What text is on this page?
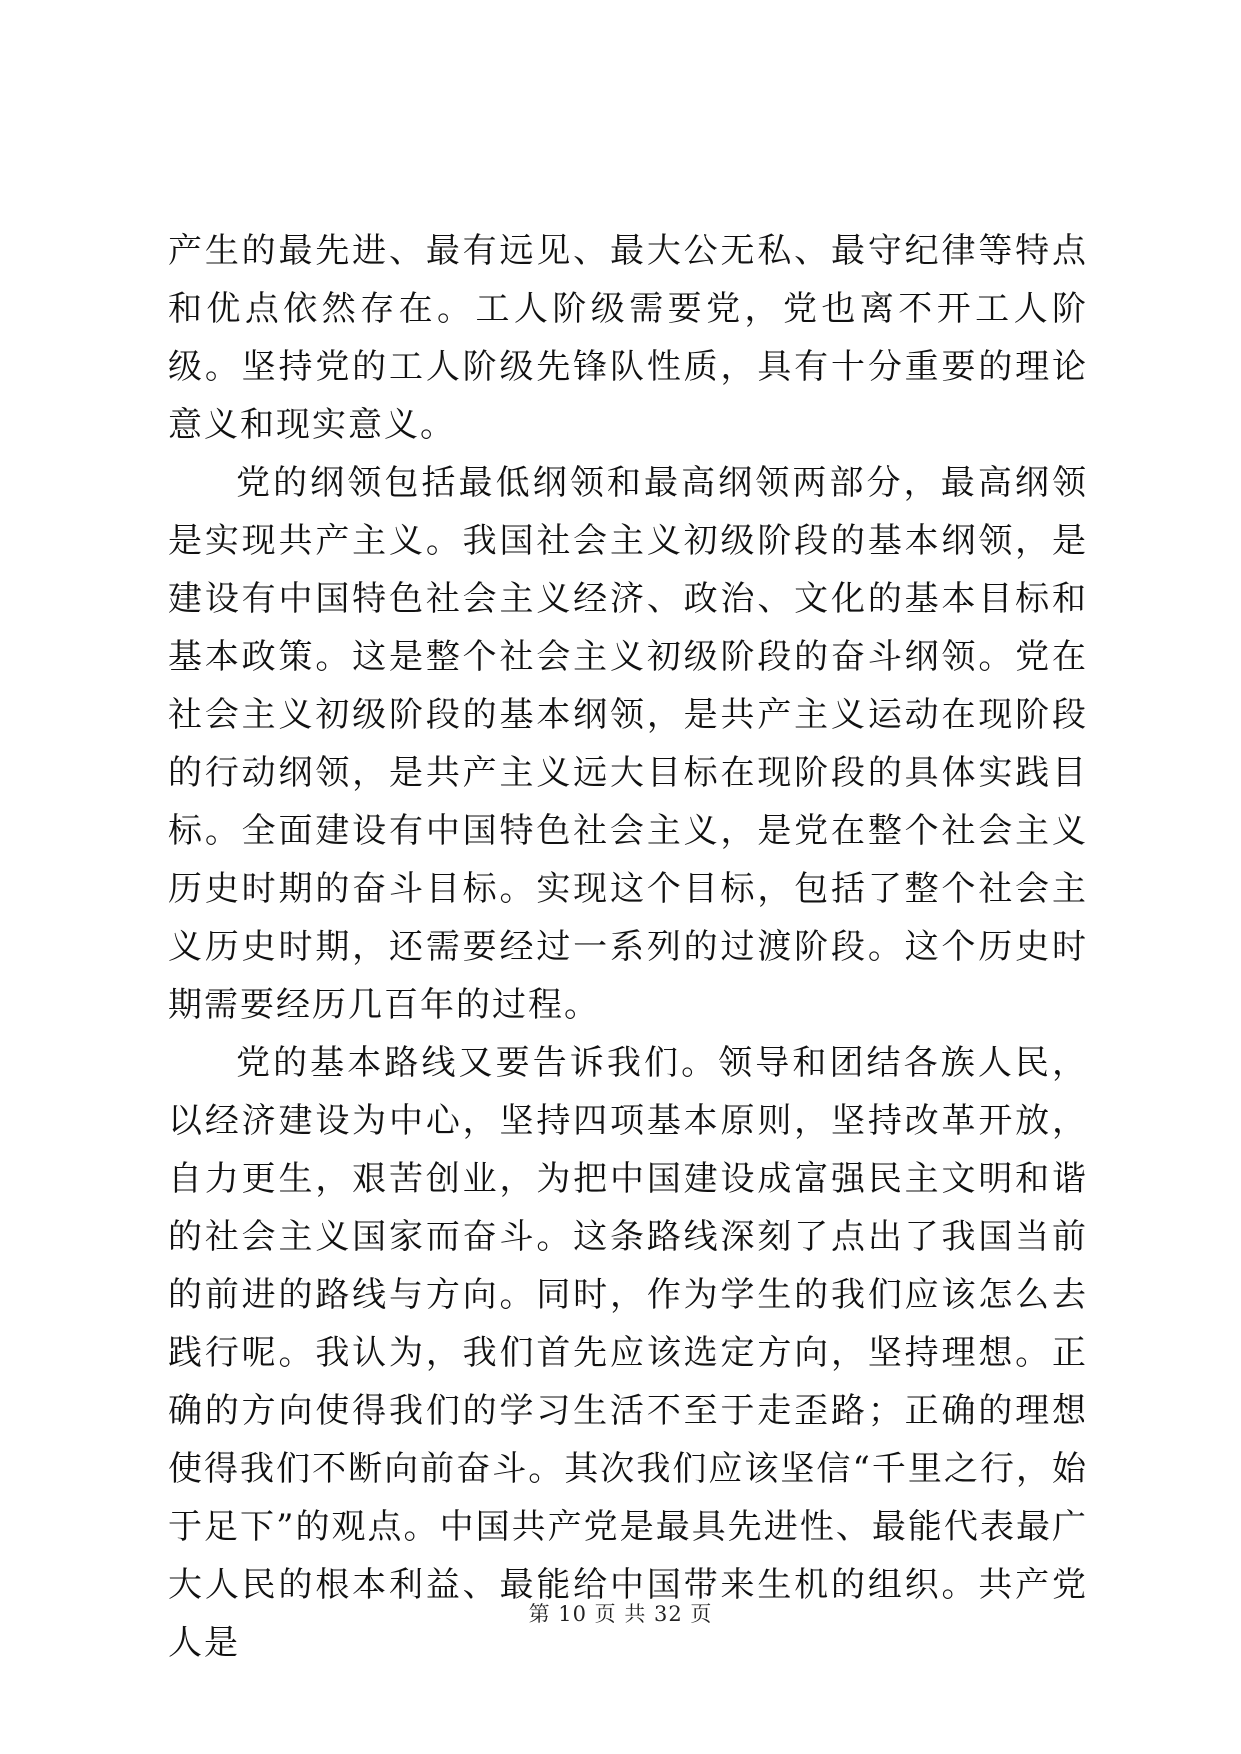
产生的最先进、最有远见、最大公无私、最守纪律等特点和优点依然存在。工人阶级需要党，党也离不开工人阶级。坚持党的工人阶级先锋队性质，具有十分重要的理论意义和现实意义。

党的纲领包括最低纲领和最高纲领两部分，最高纲领是实现共产主义。我国社会主义初级阶段的基本纲领，是建设有中国特色社会主义经济、政治、文化的基本目标和基本政策。这是整个社会主义初级阶段的奋斗纲领。党在社会主义初级阶段的基本纲领，是共产主义运动在现阶段的行动纲领，是共产主义远大目标在现阶段的具体实践目标。全面建设有中国特色社会主义，是党在整个社会主义历史时期的奋斗目标。实现这个目标，包括了整个社会主义历史时期，还需要经过一系列的过渡阶段。这个历史时期需要经历几百年的过程。

党的基本路线又要告诉我们。领导和团结各族人民，以经济建设为中心，坚持四项基本原则，坚持改革开放，自力更生，艰苦创业，为把中国建设成富强民主文明和谐的社会主义国家而奋斗。这条路线深刻了点出了我国当前的前进的路线与方向。同时，作为学生的我们应该怎么去践行呢。我认为，我们首先应该选定方向，坚持理想。正确的方向使得我们的学习生活不至于走歪路；正确的理想使得我们不断向前奋斗。其次我们应该坚信“千里之行，始于足下”的观点。中国共产党是最具先进性、最能代表最广大人民的根本利益、最能给中国带来生机的组织。共产党人是

第 10 页 共 32 页
